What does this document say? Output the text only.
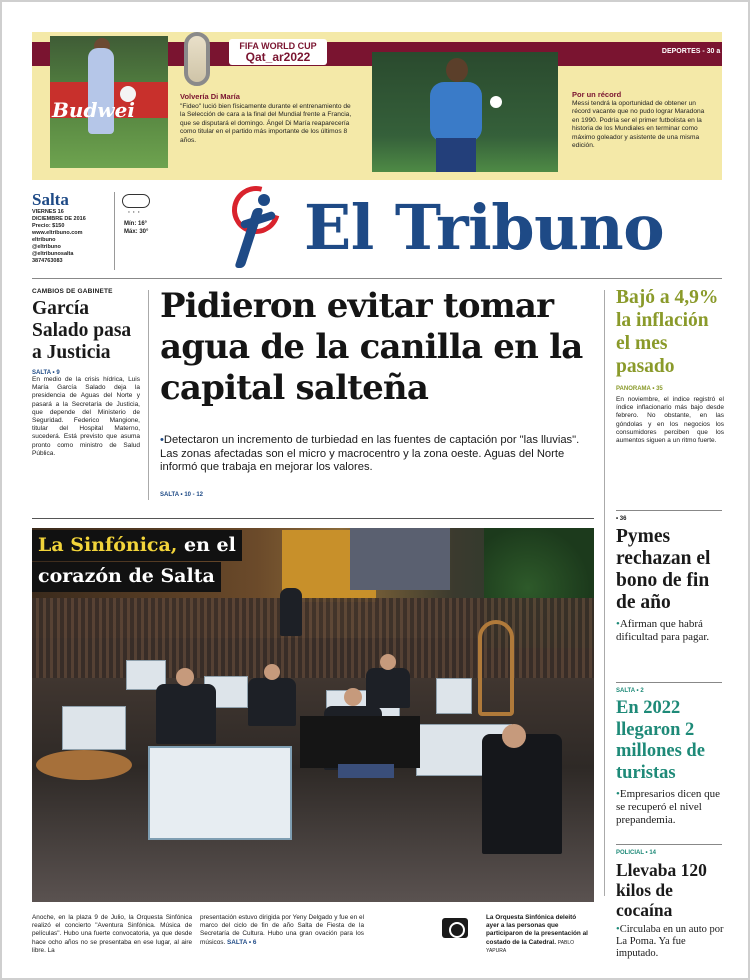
Budwei
FIFA WORLD CUP
Qat_ar2022	DEPORTES - 30 a 33
Volvería Di María
"Fideo" lució bien físicamente durante el entrenamiento de la Selección de cara a la final del Mundial frente a Francia, que se disputará el domingo. Ángel Di María reaparecería como titular en el partido más importante de los últimos 8 años.
Por un récord
Messi tendrá la oportunidad de obtener un récord vacante que no pudo lograr Maradona en 1990. Podría ser el primer futbolista en la historia de los Mundiales en terminar como máximo goleador y asistente de una misma edición.
Salta
VIERNES 16
DICIEMBRE DE 2016
Precio: $150
www.eltribuno.com
eltribuno
@eltribuno
@eltribunosalta
3874763083
'''
Mín: 16°
Máx: 30°	El Tribuno
CAMBIOS DE GABINETE
García Salado pasa a Justicia
SALTA • 9
En medio de la crisis hídrica, Luis María García Salado deja la presidencia de Aguas del Norte y pasará a la Secretaría de Justicia, que depende del Ministerio de Seguridad. Federico Mangione, titular del Hospital Materno, sucederá. Está previsto que asuma pronto como ministro de Salud Pública.
Pidieron evitar tomar agua de la canilla en la capital salteña
•Detectaron un incremento de turbiedad en las fuentes de captación por "las lluvias". Las zonas afectadas son el micro y macrocentro y la zona oeste. Aguas del Norte informó que trabaja en mejorar los valores.
SALTA • 10 - 12
Bajó a 4,9% la inflación el mes pasado
PANORAMA • 35
En noviembre, el índice registró el índice inflacionario más bajo desde febrero. No obstante, en las góndolas y en los negocios los consumidores perciben que los aumentos siguen a un ritmo fuerte.
• 36
Pymes rechazan el bono de fin de año
•Afirman que habrá dificultad para pagar.
SALTA • 2
En 2022 llegaron 2 millones de turistas
•Empresarios dicen que se recuperó el nivel prepandemia.
POLICIAL • 14
Llevaba 120 kilos de cocaína
•Circulaba en un auto por La Poma. Ya fue imputado.
La Sinfónica, en el
corazón de Salta
Anoche, en la plaza 9 de Julio, la Orquesta Sinfónica realizó el concierto "Aventura Sinfónica. Música de películas". Hubo una fuerte convocatoria, ya que desde hace ocho años no se presentaba en ese lugar, al aire libre. La
presentación estuvo dirigida por Yeny Delgado y fue en el marco del ciclo de fin de año Salta de Fiesta de la Secretaría de Cultura. Hubo una gran ovación para los músicos. SALTA • 6
La Orquesta Sinfónica deleitó ayer a las personas que participaron de la presentación al costado de la Catedral. PABLO YAPURA
